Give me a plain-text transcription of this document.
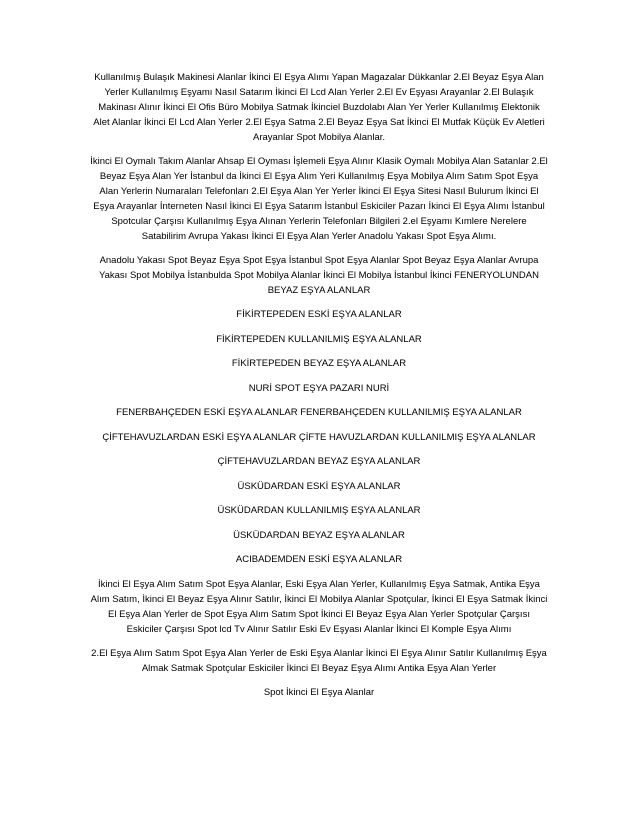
Kullanılmış Bulaşık Makinesi Alanlar İkinci El Eşya Alımı Yapan Magazalar Dükkanlar 2.El Beyaz Eşya Alan Yerler Kullanılmış Eşyamı Nasıl Satarım İkinci El Lcd Alan Yerler 2.El Ev Eşyası Arayanlar 2.El Bulaşık Makinası Alınır İkinci El Ofis Büro Mobilya Satmak İkinciel Buzdolabı Alan Yer Yerler Kullanılmış Elektonik Alet Alanlar İkinci El Lcd Alan Yerler 2.El Eşya Satma 2.El Beyaz Eşya Sat İkinci El Mutfak Küçük Ev Aletleri Arayanlar Spot Mobilya Alanlar.

İkinci El Oymalı Takım Alanlar Ahsap El Oyması İşlemeli Eşya Alınır Klasik Oymalı Mobilya Alan Satanlar 2.El Beyaz Eşya Alan Yer İstanbul da İkinci El Eşya Alım Yeri Kullanılmış Eşya Mobilya Alım Satım Spot Eşya Alan Yerlerin Numaraları Telefonları 2.El Eşya Alan Yer Yerler İkinci El Eşya Sitesi Nasıl Bulurum İkinci El Eşya Arayanlar İnterneten Nasıl İkinci El Eşya Satarım İstanbul Eskiciler Pazarı İkinci El Eşya Alımı İstanbul Spotcular Çarşısı Kullanılmış Eşya Alınan Yerlerin Telefonları Bilgileri 2.el Eşyamı Kımlere Nerelere Satabilirim Avrupa Yakası İkinci El Eşya Alan Yerler Anadolu Yakası Spot Eşya Alımı.

Anadolu Yakası Spot Beyaz Eşya Spot Eşya İstanbul Spot Eşya Alanlar Spot Beyaz Eşya Alanlar Avrupa Yakası Spot Mobilya İstanbulda Spot Mobilya Alanlar İkinci El Mobilya İstanbul İkinci FENERYOLUNDAN BEYAZ EŞYA ALANLAR

FİKİRTEPEDEN ESKİ EŞYA ALANLAR

FİKİRTEPEDEN KULLANILMIŞ EŞYA ALANLAR

FİKİRTEPEDEN BEYAZ EŞYA ALANLAR

NURİ SPOT EŞYA PAZARI NURİ

FENERBAHÇEDEN ESKİ EŞYA ALANLAR FENERBAHÇEDEN KULLANILMIŞ EŞYA ALANLAR

ÇİFTEHAVUZLARDAN ESKİ EŞYA ALANLAR ÇİFTE HAVUZLARDAN KULLANILMIŞ EŞYA ALANLAR

ÇİFTEHAVUZLARDAN BEYAZ EŞYA ALANLAR

ÜSKÜDARDAN ESKİ EŞYA ALANLAR

ÜSKÜDARDAN KULLANILMIŞ EŞYA ALANLAR

ÜSKÜDARDAN BEYAZ EŞYA ALANLAR

ACIBADEMDEN ESKİ EŞYA ALANLAR

İkinci El Eşya Alım Satım Spot Eşya Alanlar, Eski Eşya Alan Yerler, Kullanılmış Eşya Satmak, Antika Eşya Alım Satım, İkinci El Beyaz Eşya Alınır Satılır, İkinci El Mobilya Alanlar Spotçular, İkinci El Eşya Satmak İkinci El Eşya Alan Yerler de Spot Eşya Alım Satım Spot İkinci El Beyaz Eşya Alan Yerler Spotçular Çarşısı Eskiciler Çarşısı Spot lcd Tv Alınır Satılır Eski Ev Eşyası Alanlar İkinci El Komple Eşya Alımı

2.El Eşya Alım Satım Spot Eşya Alan Yerler de Eski Eşya Alanlar İkinci El Eşya Alınır Satılır Kullanılmış Eşya Almak Satmak Spotçular Eskiciler İkinci El Beyaz Eşya Alımı Antika Eşya Alan Yerler

Spot İkinci El Eşya Alanlar
